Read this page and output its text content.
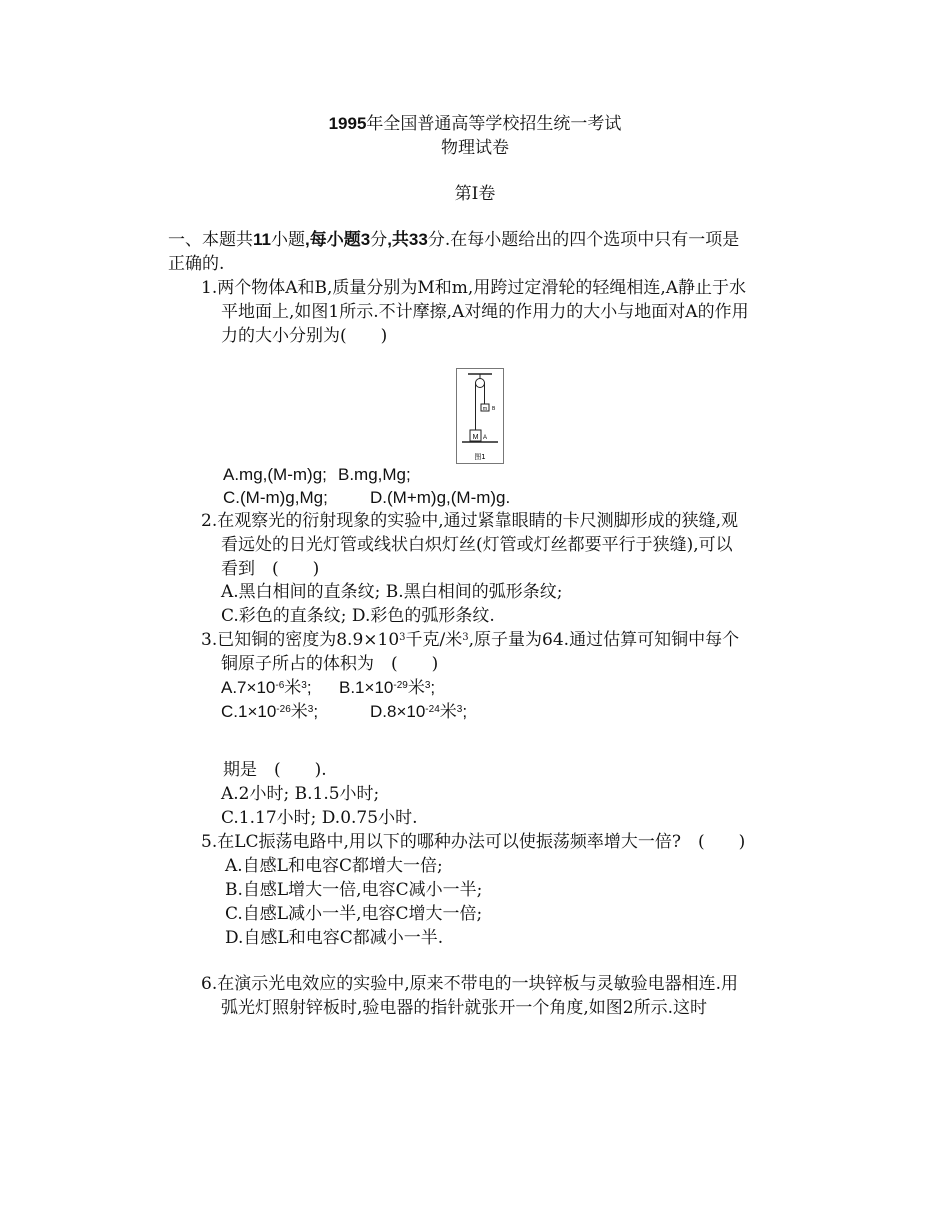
1995年全国普通高等学校招生统一考试
物理试卷
第Ⅰ卷
一、本题共11小题,每小题3分,共33分.在每小题给出的四个选项中只有一项是
正确的.
1.两个物体A和B,质量分别为M和m,用跨过定滑轮的轻绳相连,A静止于水
平地面上,如图1所示.不计摩擦,A对绳的作用力的大小与地面对A的作用
力的大小分别为(　　)
m B
M A
图1
A.mg,(M-m)g; B.mg,Mg;
C.(M-m)g,Mg; D.(M+m)g,(M-m)g.
2.在观察光的衍射现象的实验中,通过紧靠眼睛的卡尺测脚形成的狭缝,观
看远处的日光灯管或线状白炽灯丝(灯管或灯丝都要平行于狭缝),可以
看到　(　　)
A.黑白相间的直条纹; B.黑白相间的弧形条纹;
C.彩色的直条纹; D.彩色的弧形条纹.
3.已知铜的密度为$8.9\times 10^3$千克/米$^3$,原子量为64.通过估算可知铜中每个
铜原子所占的体积为　(　　)
$A.7\times 10^{-6}$米$^3$; $B.1\times 10^{-29}$米$^3$;
$C.1\times 10^{-26}$米$^3$;	$D.8\times 10^{-24}$米$^3$;
期是　(　　).
A.2小时; B.1.5小时;
C.1.17小时; D.0.75小时.
5.在LC振荡电路中,用以下的哪种办法可以使振荡频率增大一倍?　(　　)
A.自感L和电容C都增大一倍;
B.自感L增大一倍,电容C减小一半;
C.自感L减小一半,电容C增大一倍;
D.自感L和电容C都减小一半.
6.在演示光电效应的实验中,原来不带电的一块锌板与灵敏验电器相连.用
弧光灯照射锌板时,验电器的指针就张开一个角度,如图2所示.这时
